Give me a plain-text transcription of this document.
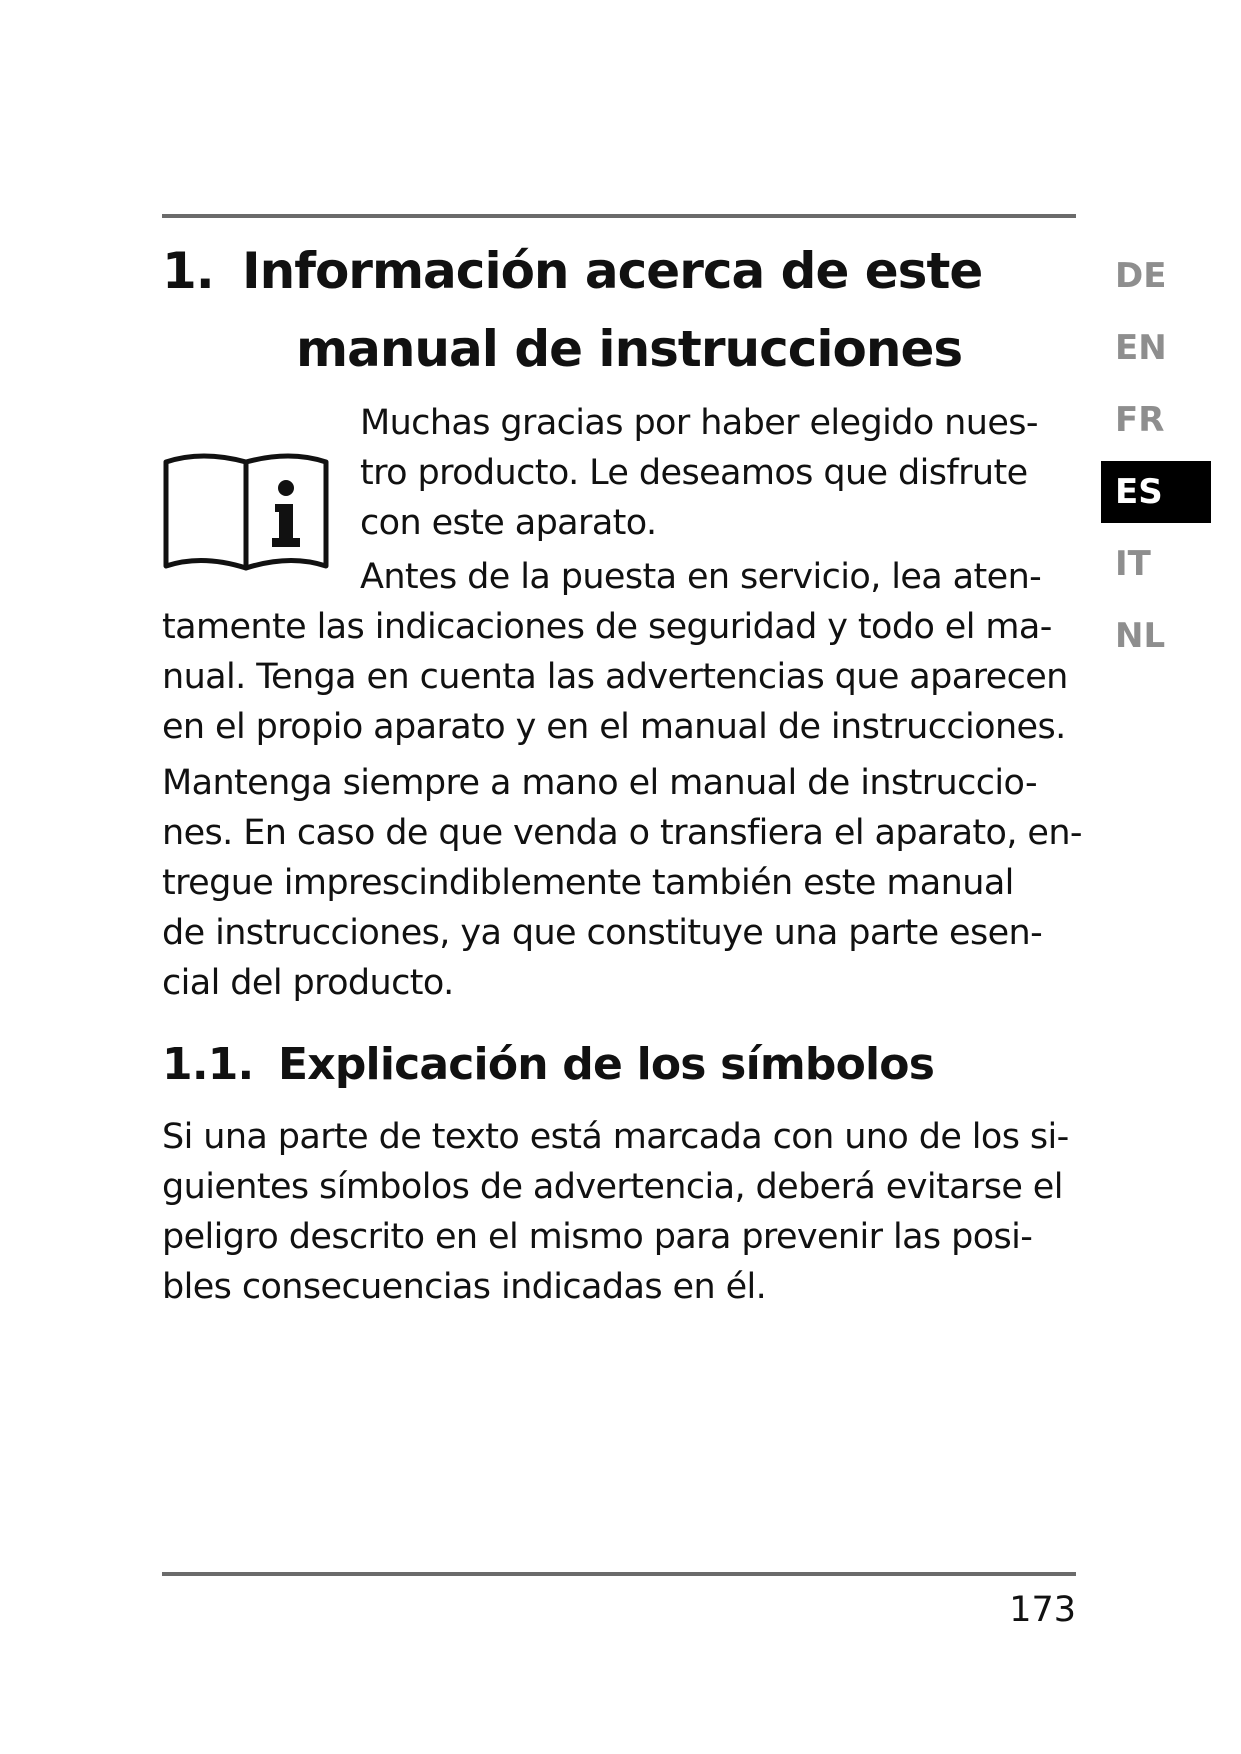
1. Información acerca de este
manual de instrucciones

Muchas gracias por haber elegido nues-

tro producto. Le deseamos que disfrute

con este aparato.

Antes de la puesta en servicio, lea aten-

tamente las indicaciones de seguridad y todo el ma-

nual. Tenga en cuenta las advertencias que aparecen

en el propio aparato y en el manual de instrucciones.

Mantenga siempre a mano el manual de instruccio-

nes. En caso de que venda o transfiera el aparato, en-

tregue imprescindiblemente también este manual

de instrucciones, ya que constituye una parte esen-

cial del producto.

1.1. Explicación de los símbolos

Si una parte de texto está marcada con uno de los si-

guientes símbolos de advertencia, deberá evitarse el

peligro descrito en el mismo para prevenir las posi-

bles consecuencias indicadas en él.

DE
EN
FR
ES
IT
NL
173
